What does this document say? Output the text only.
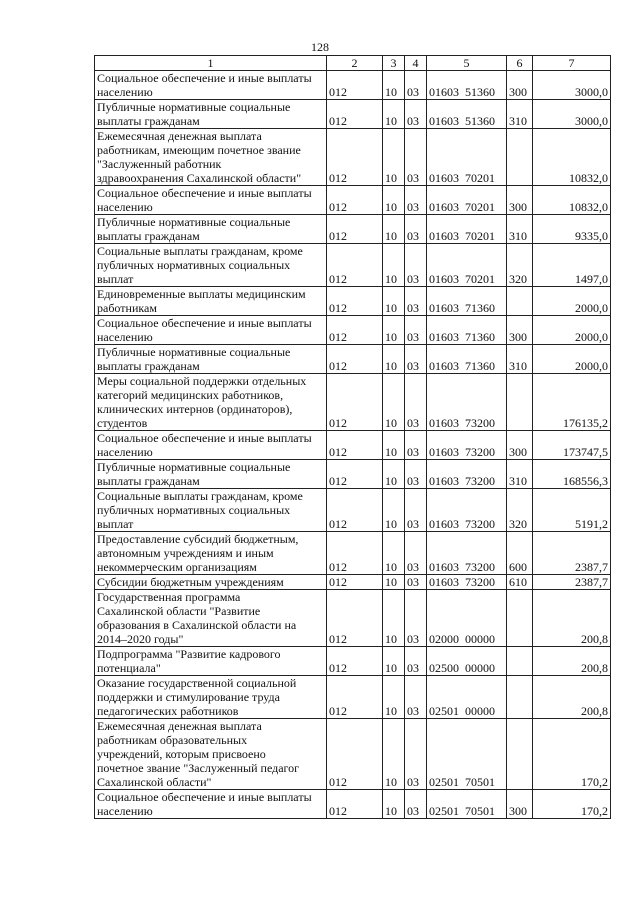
128
1	2	3	4	5	6	7

Социальное обеспечение и иные выплаты
населению	012	10	03	01603  51360	300	3000,0

Публичные нормативные социальные
выплаты гражданам	012	10	03	01603  51360	310	3000,0

Ежемесячная денежная выплата
работникам, имеющим почетное звание
"Заслуженный работник
здравоохранения Сахалинской области"	012	10	03	01603  70201		10832,0

Социальное обеспечение и иные выплаты
населению	012	10	03	01603  70201	300	10832,0

Публичные нормативные социальные
выплаты гражданам	012	10	03	01603  70201	310	9335,0

Социальные выплаты гражданам, кроме
публичных нормативных социальных
выплат	012	10	03	01603  70201	320	1497,0

Единовременные выплаты медицинским
работникам	012	10	03	01603  71360		2000,0

Социальное обеспечение и иные выплаты
населению	012	10	03	01603  71360	300	2000,0

Публичные нормативные социальные
выплаты гражданам	012	10	03	01603  71360	310	2000,0

Меры социальной поддержки отдельных
категорий медицинских работников,
клинических интернов (ординаторов),
студентов	012	10	03	01603  73200		176135,2

Социальное обеспечение и иные выплаты
населению	012	10	03	01603  73200	300	173747,5

Публичные нормативные социальные
выплаты гражданам	012	10	03	01603  73200	310	168556,3

Социальные выплаты гражданам, кроме
публичных нормативных социальных
выплат	012	10	03	01603  73200	320	5191,2

Предоставление субсидий бюджетным,
автономным учреждениям и иным
некоммерческим организациям	012	10	03	01603  73200	600	2387,7

Субсидии бюджетным учреждениям	012	10	03	01603  73200	610	2387,7

Государственная программа
Сахалинской области "Развитие
образования в Сахалинской области на
2014–2020 годы"	012	10	03	02000  00000		200,8

Подпрограмма "Развитие кадрового
потенциала"	012	10	03	02500  00000		200,8

Оказание государственной социальной
поддержки и стимулирование труда
педагогических работников	012	10	03	02501  00000		200,8

Ежемесячная денежная выплата
работникам образовательных
учреждений, которым присвоено
почетное звание "Заслуженный педагог
Сахалинской области"	012	10	03	02501  70501		170,2

Социальное обеспечение и иные выплаты
населению	012	10	03	02501  70501	300	170,2
